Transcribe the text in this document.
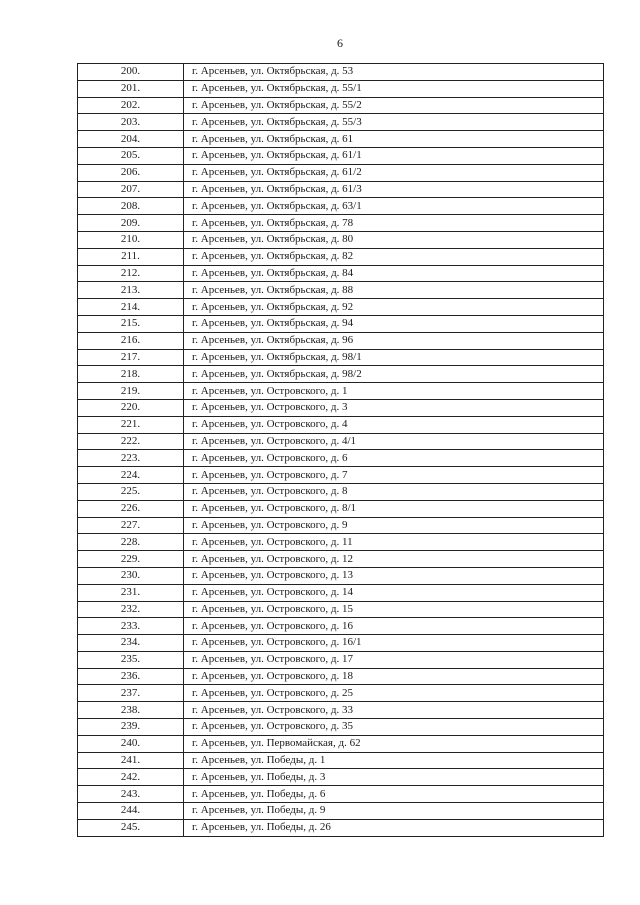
6
200.	г. Арсеньев, ул. Октябрьская, д. 53
201.	г. Арсеньев, ул. Октябрьская, д. 55/1
202.	г. Арсеньев, ул. Октябрьская, д. 55/2
203.	г. Арсеньев, ул. Октябрьская, д. 55/3
204.	г. Арсеньев, ул. Октябрьская, д. 61
205.	г. Арсеньев, ул. Октябрьская, д. 61/1
206.	г. Арсеньев, ул. Октябрьская, д. 61/2
207.	г. Арсеньев, ул. Октябрьская, д. 61/3
208.	г. Арсеньев, ул. Октябрьская, д. 63/1
209.	г. Арсеньев, ул. Октябрьская, д. 78
210.	г. Арсеньев, ул. Октябрьская, д. 80
211.	г. Арсеньев, ул. Октябрьская, д. 82
212.	г. Арсеньев, ул. Октябрьская, д. 84
213.	г. Арсеньев, ул. Октябрьская, д. 88
214.	г. Арсеньев, ул. Октябрьская, д. 92
215.	г. Арсеньев, ул. Октябрьская, д. 94
216.	г. Арсеньев, ул. Октябрьская, д. 96
217.	г. Арсеньев, ул. Октябрьская, д. 98/1
218.	г. Арсеньев, ул. Октябрьская, д. 98/2
219.	г. Арсеньев, ул. Островского, д. 1
220.	г. Арсеньев, ул. Островского, д. 3
221.	г. Арсеньев, ул. Островского, д. 4
222.	г. Арсеньев, ул. Островского, д. 4/1
223.	г. Арсеньев, ул. Островского, д. 6
224.	г. Арсеньев, ул. Островского, д. 7
225.	г. Арсеньев, ул. Островского, д. 8
226.	г. Арсеньев, ул. Островского, д. 8/1
227.	г. Арсеньев, ул. Островского, д. 9
228.	г. Арсеньев, ул. Островского, д. 11
229.	г. Арсеньев, ул. Островского, д. 12
230.	г. Арсеньев, ул. Островского, д. 13
231.	г. Арсеньев, ул. Островского, д. 14
232.	г. Арсеньев, ул. Островского, д. 15
233.	г. Арсеньев, ул. Островского, д. 16
234.	г. Арсеньев, ул. Островского, д. 16/1
235.	г. Арсеньев, ул. Островского, д. 17
236.	г. Арсеньев, ул. Островского, д. 18
237.	г. Арсеньев, ул. Островского, д. 25
238.	г. Арсеньев, ул. Островского, д. 33
239.	г. Арсеньев, ул. Островского, д. 35
240.	г. Арсеньев, ул. Первомайская, д. 62
241.	г. Арсеньев, ул. Победы, д. 1
242.	г. Арсеньев, ул. Победы, д. 3
243.	г. Арсеньев, ул. Победы, д. 6
244.	г. Арсеньев, ул. Победы, д. 9
245.	г. Арсеньев, ул. Победы, д. 26
